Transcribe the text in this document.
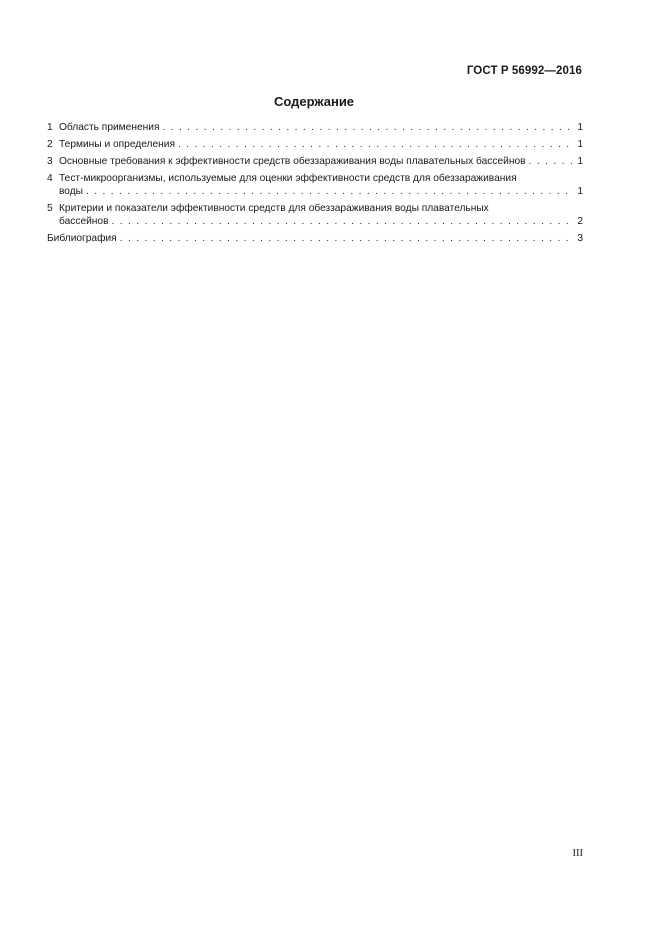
ГОСТ Р 56992—2016
Содержание
1 Область применения . . .	1
2 Термины и определения . . .	1
3 Основные требования к эффективности средств обеззараживания воды плавательных бассейнов . . .	1
4 Тест-микроорганизмы, используемые для оценки эффективности средств для обеззараживания
воды . . .	1
5 Критерии и показатели эффективности средств для обеззараживания воды плавательных
бассейнов . . .	2
Библиография . . .	3
III
